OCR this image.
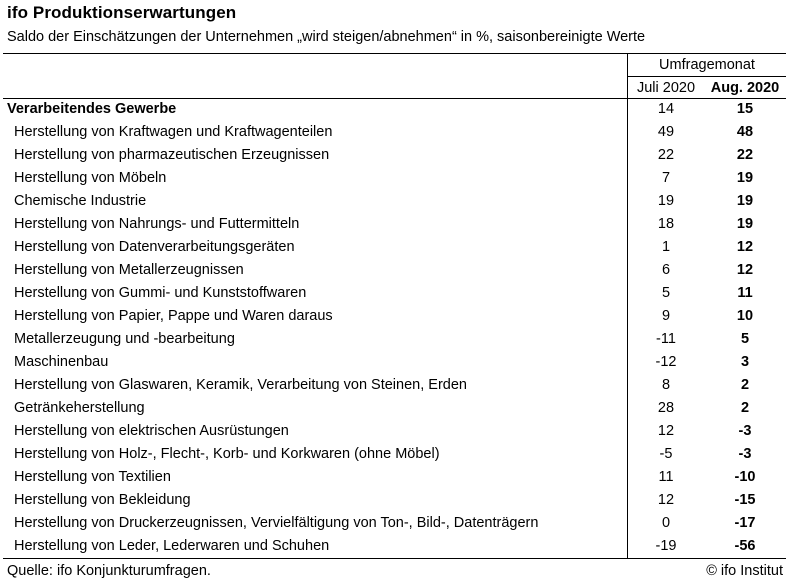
ifo Produktionserwartungen
Saldo der Einschätzungen der Unternehmen „wird steigen/abnehmen“ in %, saisonbereinigte Werte
Umfragemonat
Juli 2020	Aug. 2020
Verarbeitendes Gewerbe	14	15
Herstellung von Kraftwagen und Kraftwagenteilen	49	48
Herstellung von pharmazeutischen Erzeugnissen	22	22
Herstellung von Möbeln	7	19
Chemische Industrie	19	19
Herstellung von Nahrungs- und Futtermitteln	18	19
Herstellung von Datenverarbeitungsgeräten	1	12
Herstellung von Metallerzeugnissen	6	12
Herstellung von Gummi- und Kunststoffwaren	5	11
Herstellung von Papier, Pappe und Waren daraus	9	10
Metallerzeugung und -bearbeitung	-11	5
Maschinenbau	-12	3
Herstellung von Glaswaren, Keramik, Verarbeitung von Steinen, Erden	8	2
Getränkeherstellung	28	2
Herstellung von elektrischen Ausrüstungen	12	-3
Herstellung von Holz-, Flecht-, Korb- und Korkwaren (ohne Möbel)	-5	-3
Herstellung von Textilien	11	-10
Herstellung von Bekleidung	12	-15
Herstellung von Druckerzeugnissen, Vervielfältigung von Ton-, Bild-, Datenträgern	0	-17
Herstellung von Leder, Lederwaren und Schuhen	-19	-56
Quelle: ifo Konjunkturumfragen.	© ifo Institut
